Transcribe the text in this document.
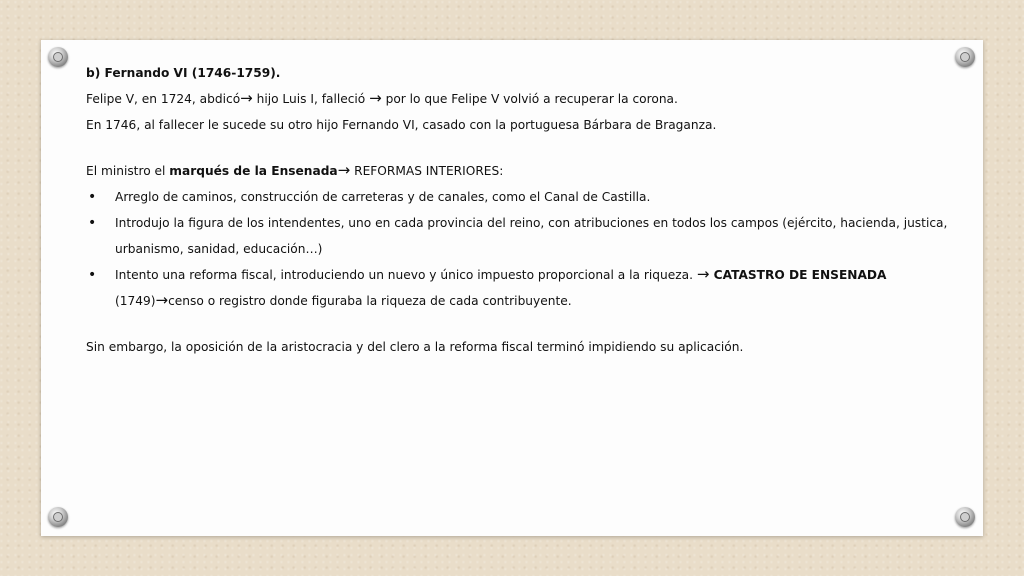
b) Fernando VI (1746-1759).
Felipe V, en 1724, abdicó→ hijo Luis I, falleció → por lo que Felipe V volvió a recuperar la corona.
En 1746, al fallecer le sucede su otro hijo Fernando VI, casado con la portuguesa Bárbara de Braganza.
El ministro el marqués de la Ensenada→ REFORMAS INTERIORES:
• Arreglo de caminos, construcción de carreteras y de canales, como el Canal de Castilla.
• Introdujo la figura de los intendentes, uno en cada provincia del reino, con atribuciones en todos los campos (ejército, hacienda, justica, urbanismo, sanidad, educación…)
• Intento una reforma fiscal, introduciendo un nuevo y único impuesto proporcional a la riqueza. → CATASTRO DE ENSENADA
(1749)→censo o registro donde figuraba la riqueza de cada contribuyente.
Sin embargo, la oposición de la aristocracia y del clero a la reforma fiscal terminó impidiendo su aplicación.
